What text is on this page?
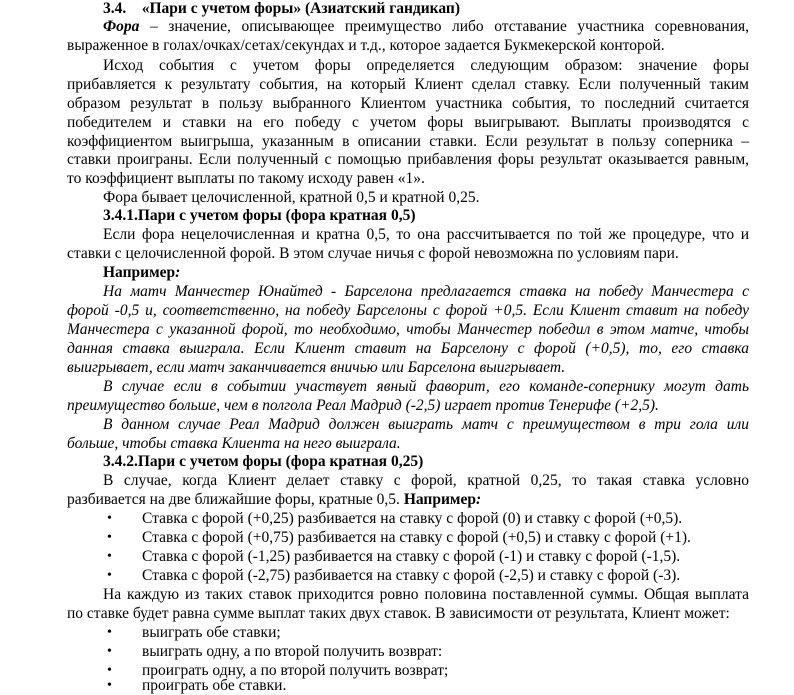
3.4. «Пари с учетом форы» (Азиатский гандикап)
Фора – значение, описывающее преимущество либо отставание участника соревнования,
выраженное в голах/очках/сетах/секундах и т.д., которое задается Букмекерской конторой.
Исход события с учетом форы определяется следующим образом: значение форы
прибавляется к результату события, на который Клиент сделал ставку. Если полученный таким
образом результат в пользу выбранного Клиентом участника события, то последний считается
победителем и ставки на его победу с учетом форы выигрывают. Выплаты производятся с
коэффициентом выигрыша, указанным в описании ставки. Если результат в пользу соперника –
ставки проиграны. Если полученный с помощью прибавления форы результат оказывается равным,
то коэффициент выплаты по такому исходу равен «1».
Фора бывает целочисленной, кратной 0,5 и кратной 0,25.
3.4.1.Пари с учетом форы (фора кратная 0,5)
Если фора нецелочисленная и кратна 0,5, то она рассчитывается по той же процедуре, что и
ставки с целочисленной форой. В этом случае ничья с форой невозможна по условиям пари.
Например:
На матч Манчестер Юнайтед - Барселона предлагается ставка на победу Манчестера с
форой -0,5 и, соответственно, на победу Барселоны с форой +0,5. Если Клиент ставит на победу
Манчестера с указанной форой, то необходимо, чтобы Манчестер победил в этом матче, чтобы
данная ставка выиграла. Если Клиент ставит на Барселону с форой (+0,5), то, его ставка
выигрывает, если матч заканчивается вничью или Барселона выигрывает.
В случае если в событии участвует явный фаворит, его команде-сопернику могут дать
преимущество больше, чем в полгола Реал Мадрид (-2,5) играет против Тенерифе (+2,5).
В данном случае Реал Мадрид должен выиграть матч с преимуществом в три гола или
больше, чтобы ставка Клиента на него выиграла.
3.4.2.Пари с учетом форы (фора кратная 0,25)
В случае, когда Клиент делает ставку с форой, кратной 0,25, то такая ставка условно
разбивается на две ближайшие форы, кратные 0,5. Например:
• Ставка с форой (+0,25) разбивается на ставку с форой (0) и ставку с форой (+0,5).
• Ставка с форой (+0,75) разбивается на ставку с форой (+0,5) и ставку с форой (+1).
• Ставка с форой (-1,25) разбивается на ставку с форой (-1) и ставку с форой (-1,5).
• Ставка с форой (-2,75) разбивается на ставку с форой (-2,5) и ставку с форой (-3).
На каждую из таких ставок приходится ровно половина поставленной суммы. Общая выплата
по ставке будет равна сумме выплат таких двух ставок. В зависимости от результата, Клиент может:
• выиграть обе ставки;
• выиграть одну, а по второй получить возврат:
• проиграть одну, а по второй получить возврат;
• проиграть обе ставки.
